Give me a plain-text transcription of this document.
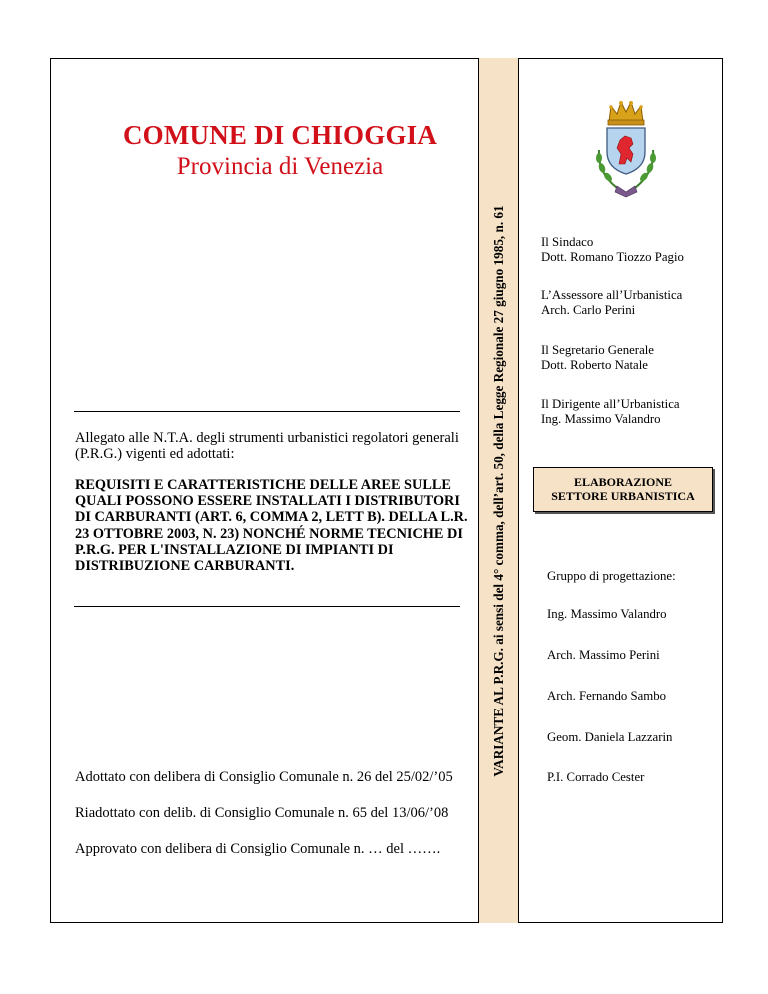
COMUNE DI CHIOGGIA
Provincia di Venezia
VARIANTE AL P.R.G. ai sensi del 4° comma, dell’art. 50, della Legge Regionale 27 giugno 1985, n. 61
Allegato alle N.T.A. degli strumenti urbanistici regolatori generali (P.R.G.) vigenti ed adottati:
REQUISITI E CARATTERISTICHE DELLE AREE SULLE QUALI POSSONO ESSERE INSTALLATI I DISTRIBUTORI DI CARBURANTI (ART. 6, COMMA 2, LETT B). DELLA L.R. 23 OTTOBRE 2003, N. 23) NONCHÉ NORME TECNICHE DI P.R.G. PER L'INSTALLAZIONE DI IMPIANTI DI DISTRIBUZIONE CARBURANTI.
Adottato con delibera di Consiglio Comunale n. 26 del 25/02/’05
Riadottato con delib. di Consiglio Comunale n. 65 del 13/06/’08
Approvato con delibera di Consiglio Comunale n. … del …….
Il Sindaco
Dott. Romano Tiozzo Pagio
L’Assessore all’Urbanistica
Arch. Carlo Perini
Il Segretario Generale
Dott. Roberto Natale
Il Dirigente all’Urbanistica
Ing. Massimo Valandro
ELABORAZIONE
SETTORE URBANISTICA
Gruppo di progettazione:
Ing. Massimo Valandro
Arch. Massimo Perini
Arch. Fernando Sambo
Geom. Daniela Lazzarin
P.I. Corrado Cester
